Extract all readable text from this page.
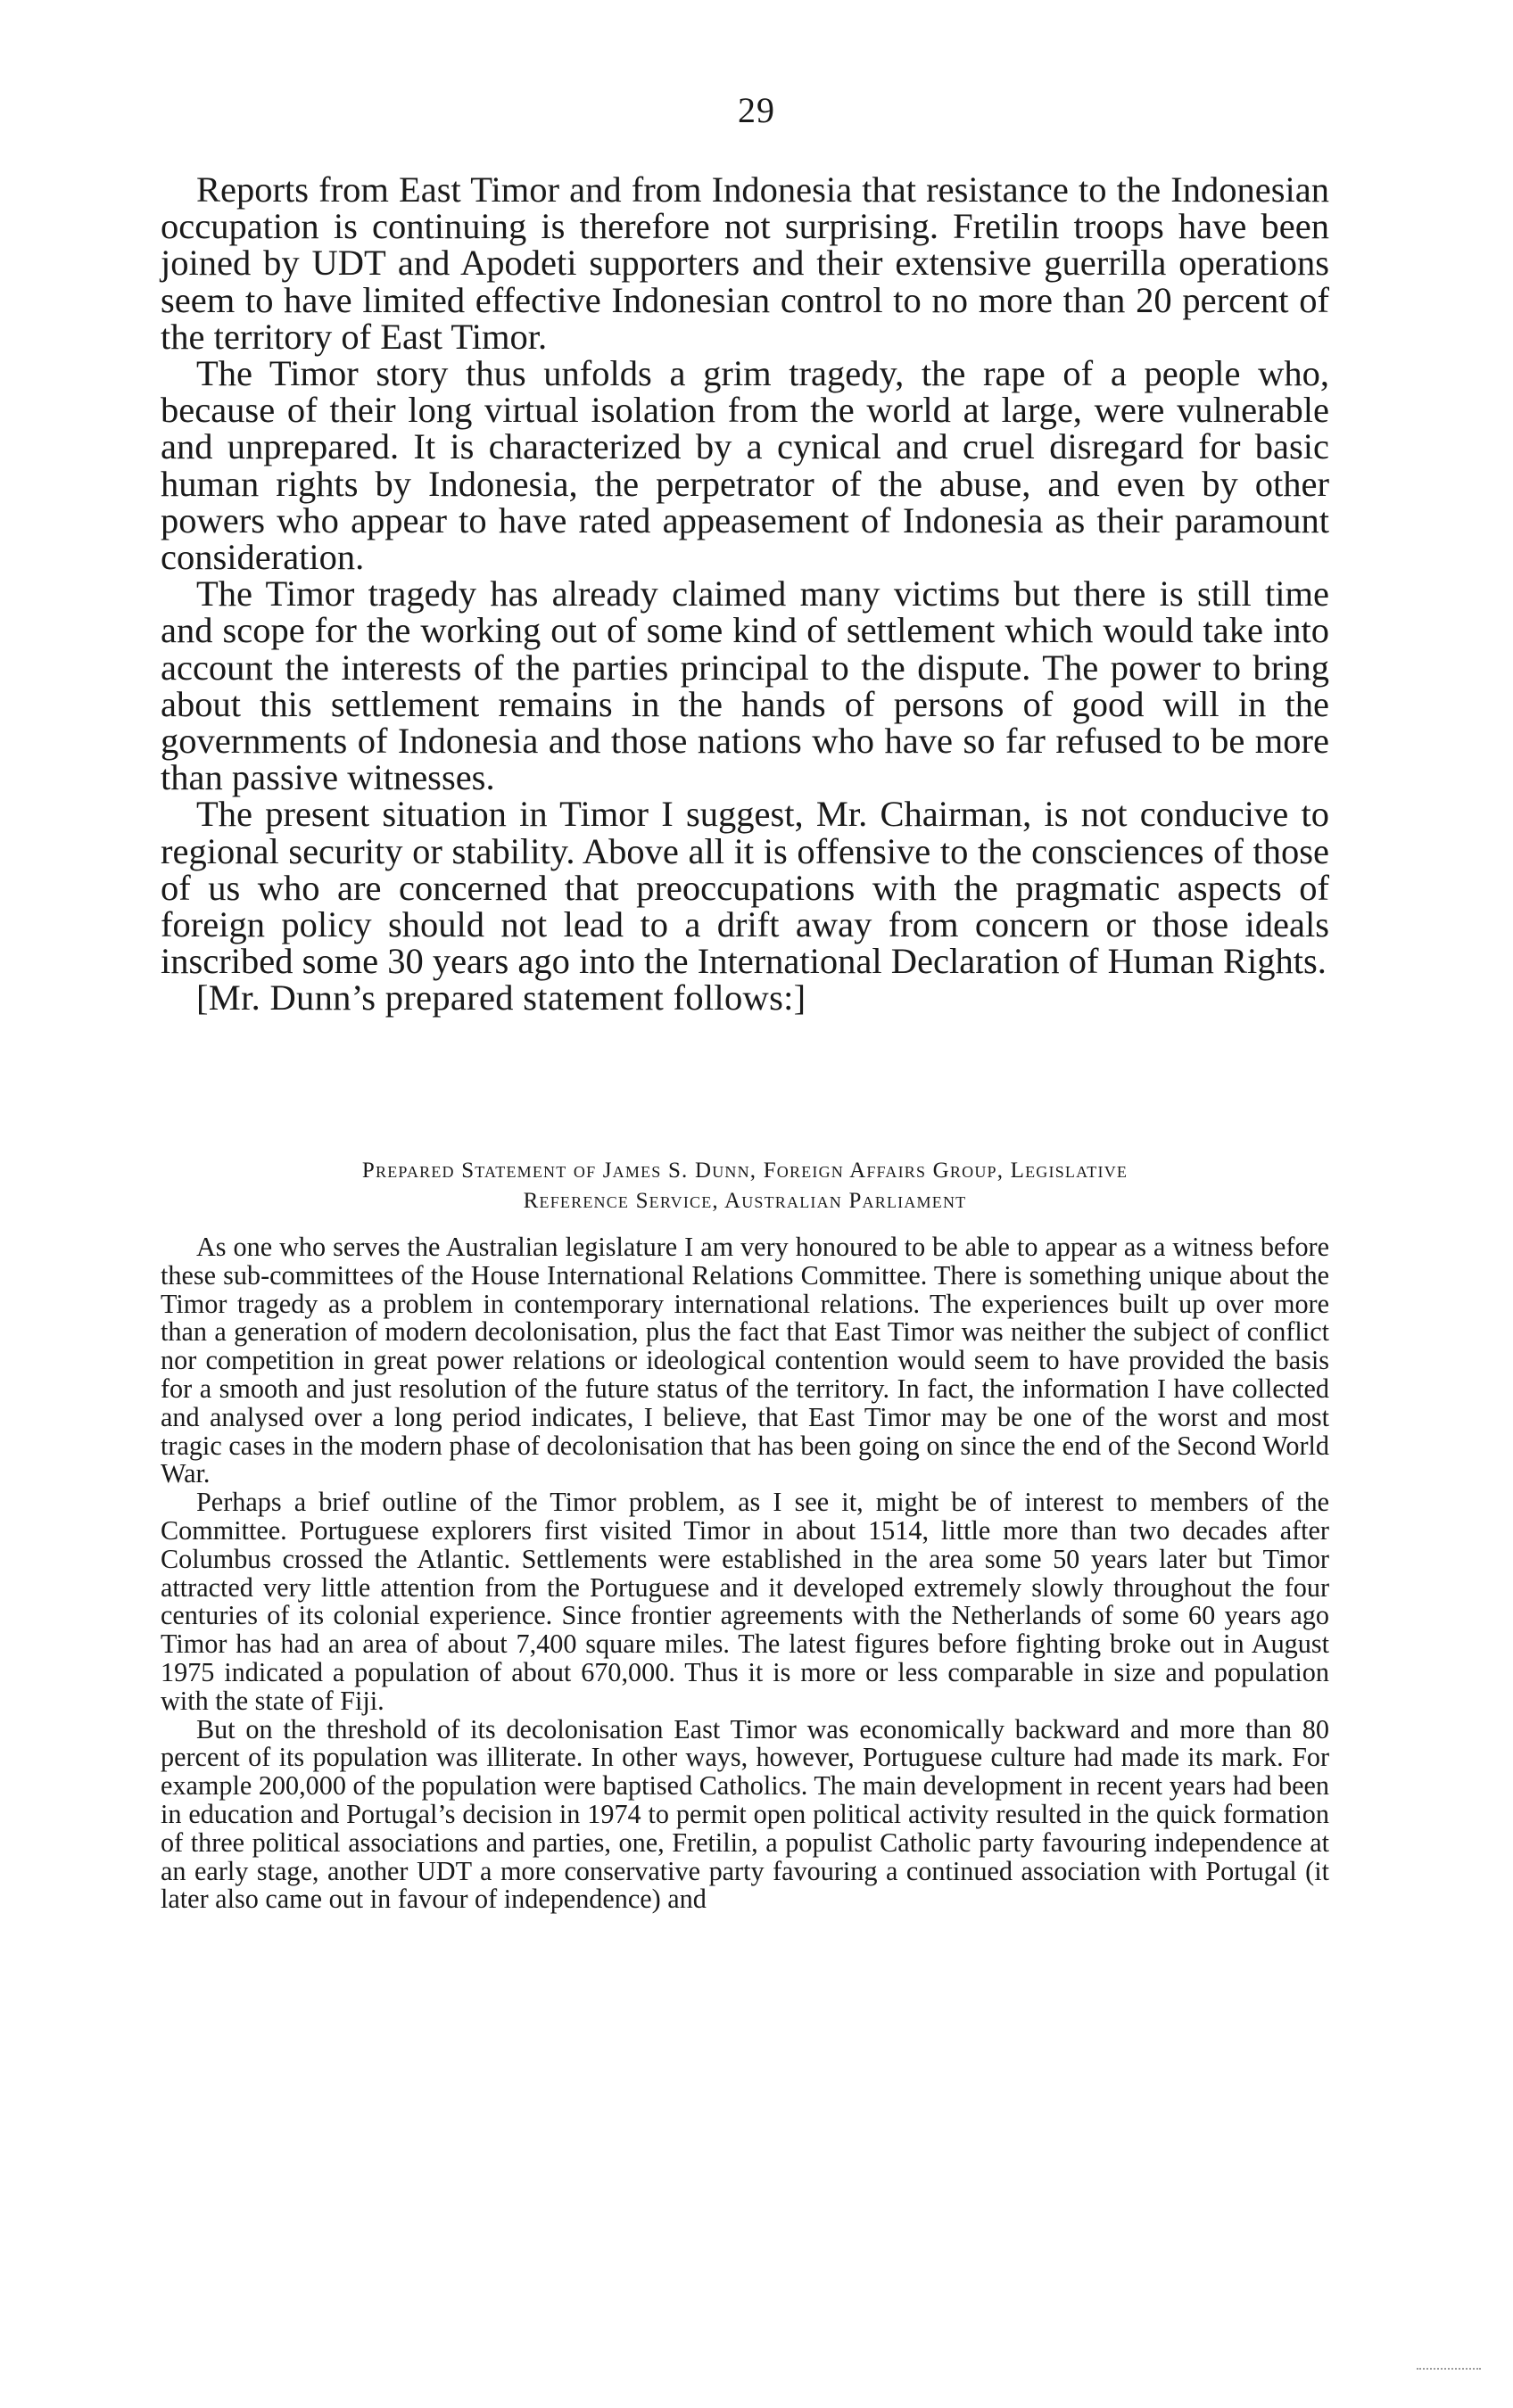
29

Reports from East Timor and from Indonesia that resistance to the Indonesian occupation is continuing is therefore not surprising. Fretilin troops have been joined by UDT and Apodeti supporters and their extensive guerrilla operations seem to have limited effective Indonesian control to no more than 20 percent of the territory of East Timor.

The Timor story thus unfolds a grim tragedy, the rape of a people who, because of their long virtual isolation from the world at large, were vulnerable and unprepared. It is characterized by a cynical and cruel disregard for basic human rights by Indonesia, the perpetrator of the abuse, and even by other powers who appear to have rated appeasement of Indonesia as their paramount consideration.

The Timor tragedy has already claimed many victims but there is still time and scope for the working out of some kind of settlement which would take into account the interests of the parties principal to the dispute. The power to bring about this settlement remains in the hands of persons of good will in the governments of Indonesia and those nations who have so far refused to be more than passive witnesses.

The present situation in Timor I suggest, Mr. Chairman, is not conducive to regional security or stability. Above all it is offensive to the consciences of those of us who are concerned that preoccupations with the pragmatic aspects of foreign policy should not lead to a drift away from concern or those ideals inscribed some 30 years ago into the International Declaration of Human Rights.

[Mr. Dunn’s prepared statement follows:]

Prepared Statement of James S. Dunn, Foreign Affairs Group, Legislative
Reference Service, Australian Parliament

As one who serves the Australian legislature I am very honoured to be able to appear as a witness before these sub-committees of the House International Relations Committee. There is something unique about the Timor tragedy as a problem in contemporary international relations. The experiences built up over more than a generation of modern decolonisation, plus the fact that East Timor was neither the subject of conflict nor competition in great power relations or ideological contention would seem to have provided the basis for a smooth and just resolution of the future status of the territory. In fact, the information I have collected and analysed over a long period indicates, I believe, that East Timor may be one of the worst and most tragic cases in the modern phase of decolonisation that has been going on since the end of the Second World War.

Perhaps a brief outline of the Timor problem, as I see it, might be of interest to members of the Committee. Portuguese explorers first visited Timor in about 1514, little more than two decades after Columbus crossed the Atlantic. Settlements were established in the area some 50 years later but Timor attracted very little attention from the Portuguese and it developed extremely slowly throughout the four centuries of its colonial experience. Since frontier agreements with the Netherlands of some 60 years ago Timor has had an area of about 7,400 square miles. The latest figures before fighting broke out in August 1975 indicated a population of about 670,000. Thus it is more or less comparable in size and population with the state of Fiji.

But on the threshold of its decolonisation East Timor was economically backward and more than 80 percent of its population was illiterate. In other ways, however, Portuguese culture had made its mark. For example 200,000 of the population were baptised Catholics. The main development in recent years had been in education and Portugal’s decision in 1974 to permit open political activity resulted in the quick formation of three political associations and parties, one, Fretilin, a populist Catholic party favouring independence at an early stage, another UDT a more conservative party favouring a continued association with Portugal (it later also came out in favour of independence) and
